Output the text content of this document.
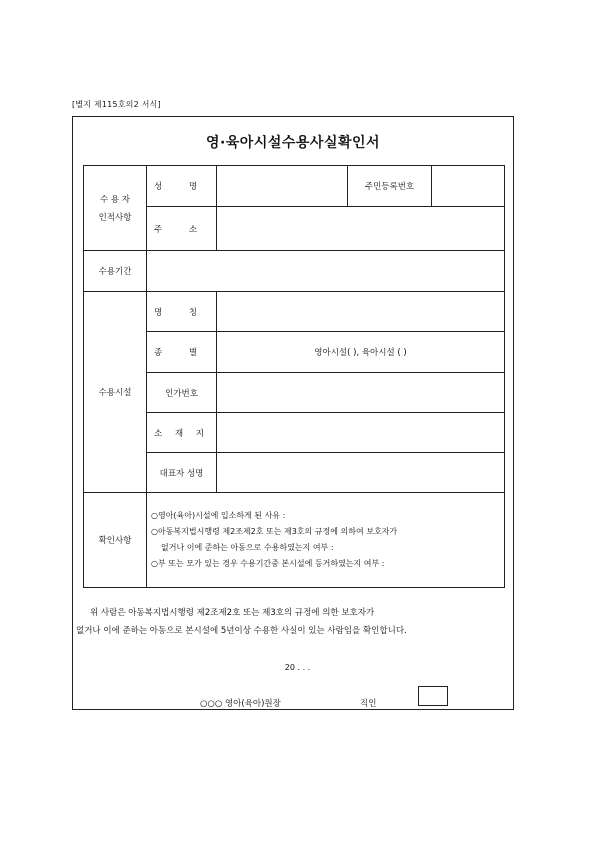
[별지 제115호의2 서식]
영·육아시설수용사실확인서
수 용 자
인적사항	성 명		주민등록번호	
	주 소			
수용기간				
수용시설	명 칭			
	종 별	영아시설( ), 육아시설 ( )		
	인가번호			
	소 재 지			
	대표자 성명			
확인사항	○영아(육아)시설에 입소하게 된 사유 :
○아동복지법시행령 제2조제2호 또는 제3호의 규정에 의하여 보호자가
없거나 이에 준하는 아동으로 수용하였는지 여부 :
○부 또는 모가 있는 경우 수용기간중 본시설에 등거하였는지 여부 :			
위 사람은 아동복지법시행령 제2조제2호 또는 제3호의 규정에 의한 보호자가
없거나 이에 준하는 아동으로 본시설에 5년이상 수용한 사실이 있는 사람임을 확인합니다.
20 . . .
○○○ 영아(육아)원장	직인
